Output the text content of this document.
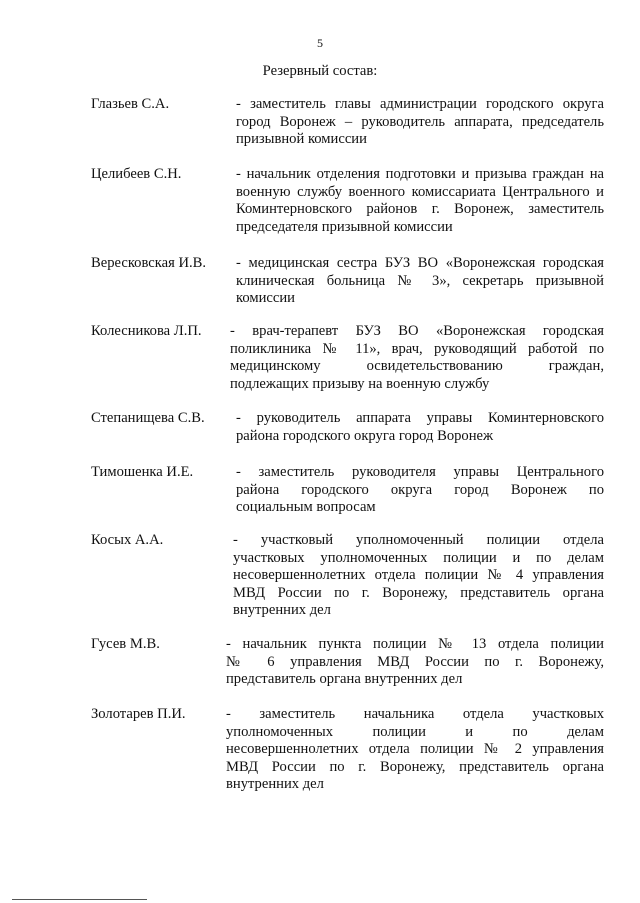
5
Резервный состав:
Глазьев С.А.	- заместитель главы администрации городского округа
город Воронеж – руководитель аппарата, председатель
призывной комиссии
Целибеев С.Н.	- начальник отделения подготовки и призыва граждан на
военную службу военного комиссариата Центрального и
Коминтерновского районов г. Воронеж, заместитель
председателя призывной комиссии
Вересковская И.В. - медицинская сестра БУЗ ВО «Воронежская городская
клиническая больница № 3», секретарь призывной
комиссии
Колесникова Л.П. - врач-терапевт БУЗ ВО «Воронежская городская
поликлиника № 11», врач, руководящий работой по
медицинскому освидетельствованию граждан,
подлежащих призыву на военную службу
Степанищева С.В. - руководитель аппарата управы Коминтерновского
района городского округа город Воронеж
Тимошенка И.Е.	- заместитель руководителя управы Центрального
района городского округа город Воронеж по
социальным вопросам
Косых А.А.	- участковый уполномоченный полиции отдела
участковых уполномоченных полиции и по делам
несовершеннолетних отдела полиции № 4 управления
МВД России по г. Воронежу, представитель органа
внутренних дел
Гусев М.В.	- начальник пункта полиции № 13 отдела полиции
№ 6 управления МВД России по г. Воронежу,
представитель органа внутренних дел
Золотарев П.И.	- заместитель начальника отдела участковых
уполномоченных полиции и по делам
несовершеннолетних отдела полиции № 2 управления
МВД России по г. Воронежу, представитель органа
внутренних дел
